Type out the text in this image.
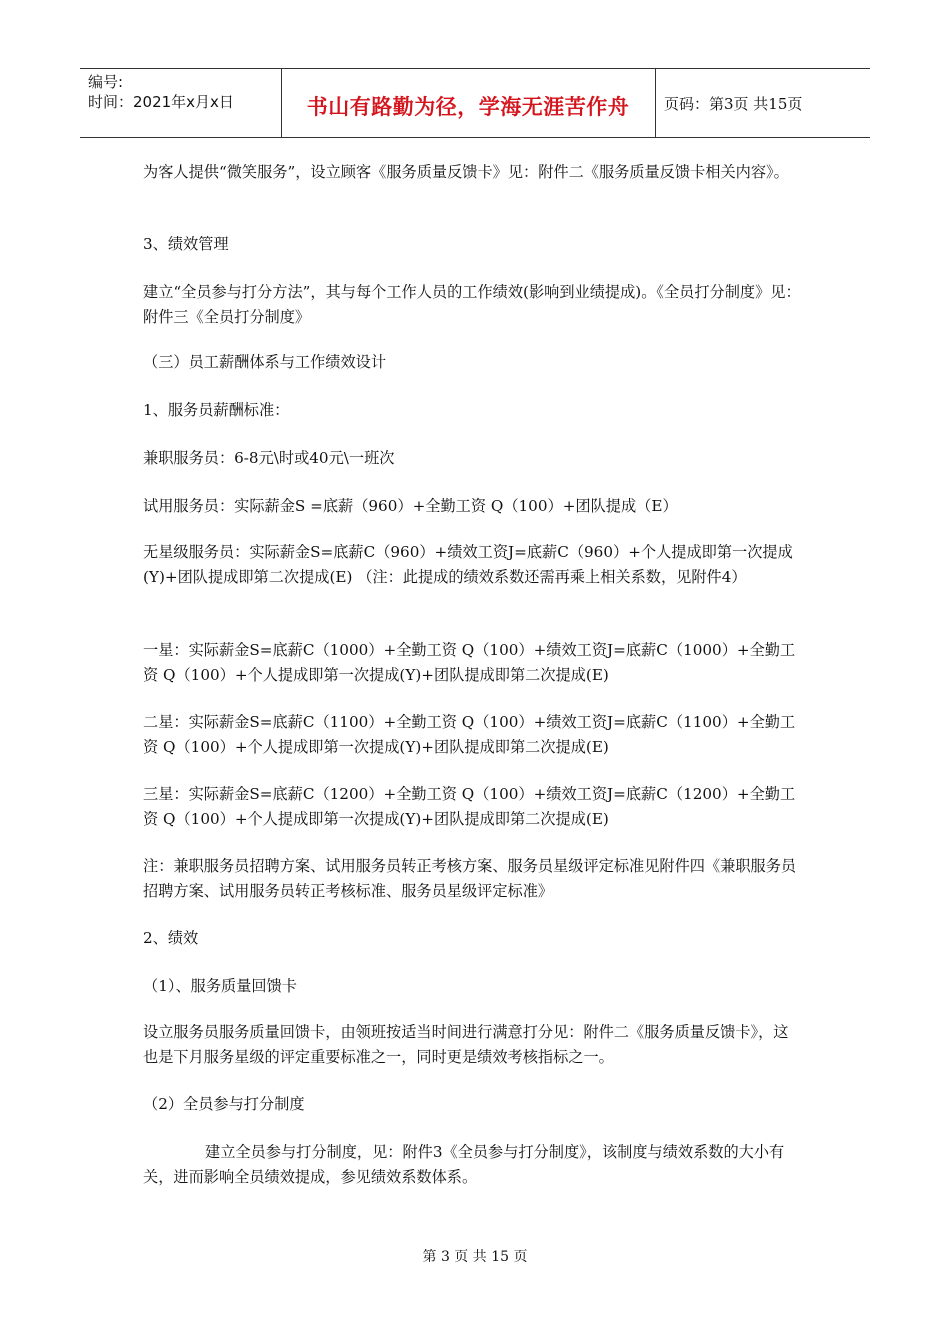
编号:
时间：2021年x月x日	书山有路勤为径，学海无涯苦作舟	页码：第3页 共15页

为客人提供“微笑服务”，设立顾客《服务质量反馈卡》见：附件二《服务质量反馈卡相关内容》。

3、绩效管理

建立“全员参与打分方法”，其与每个工作人员的工作绩效(影响到业绩提成)。《全员打分制度》见：附件三《全员打分制度》

（三）员工薪酬体系与工作绩效设计

1、服务员薪酬标准：

兼职服务员：6-8元\时或40元\一班次

试用服务员：实际薪金S =底薪（960）+全勤工资 Q（100）+团队提成（E）

无星级服务员：实际薪金S=底薪C（960）+绩效工资J=底薪C（960）+个人提成即第一次提成(Y)+团队提成即第二次提成(E) （注：此提成的绩效系数还需再乘上相关系数，见附件4）

一星：实际薪金S=底薪C（1000）+全勤工资 Q（100）+绩效工资J=底薪C（1000）+全勤工资 Q（100）+个人提成即第一次提成(Y)+团队提成即第二次提成(E)

二星：实际薪金S=底薪C（1100）+全勤工资 Q（100）+绩效工资J=底薪C（1100）+全勤工资 Q（100）+个人提成即第一次提成(Y)+团队提成即第二次提成(E)

三星：实际薪金S=底薪C（1200）+全勤工资 Q（100）+绩效工资J=底薪C（1200）+全勤工资 Q（100）+个人提成即第一次提成(Y)+团队提成即第二次提成(E)

注：兼职服务员招聘方案、试用服务员转正考核方案、服务员星级评定标准见附件四《兼职服务员招聘方案、试用服务员转正考核标准、服务员星级评定标准》

2、绩效

（1）、服务质量回馈卡

设立服务员服务质量回馈卡，由领班按适当时间进行满意打分见：附件二《服务质量反馈卡》，这也是下月服务星级的评定重要标准之一，同时更是绩效考核指标之一。

（2）全员参与打分制度

建立全员参与打分制度，见：附件3《全员参与打分制度》，该制度与绩效系数的大小有关，进而影响全员绩效提成，参见绩效系数体系。

第 3 页 共 15 页
